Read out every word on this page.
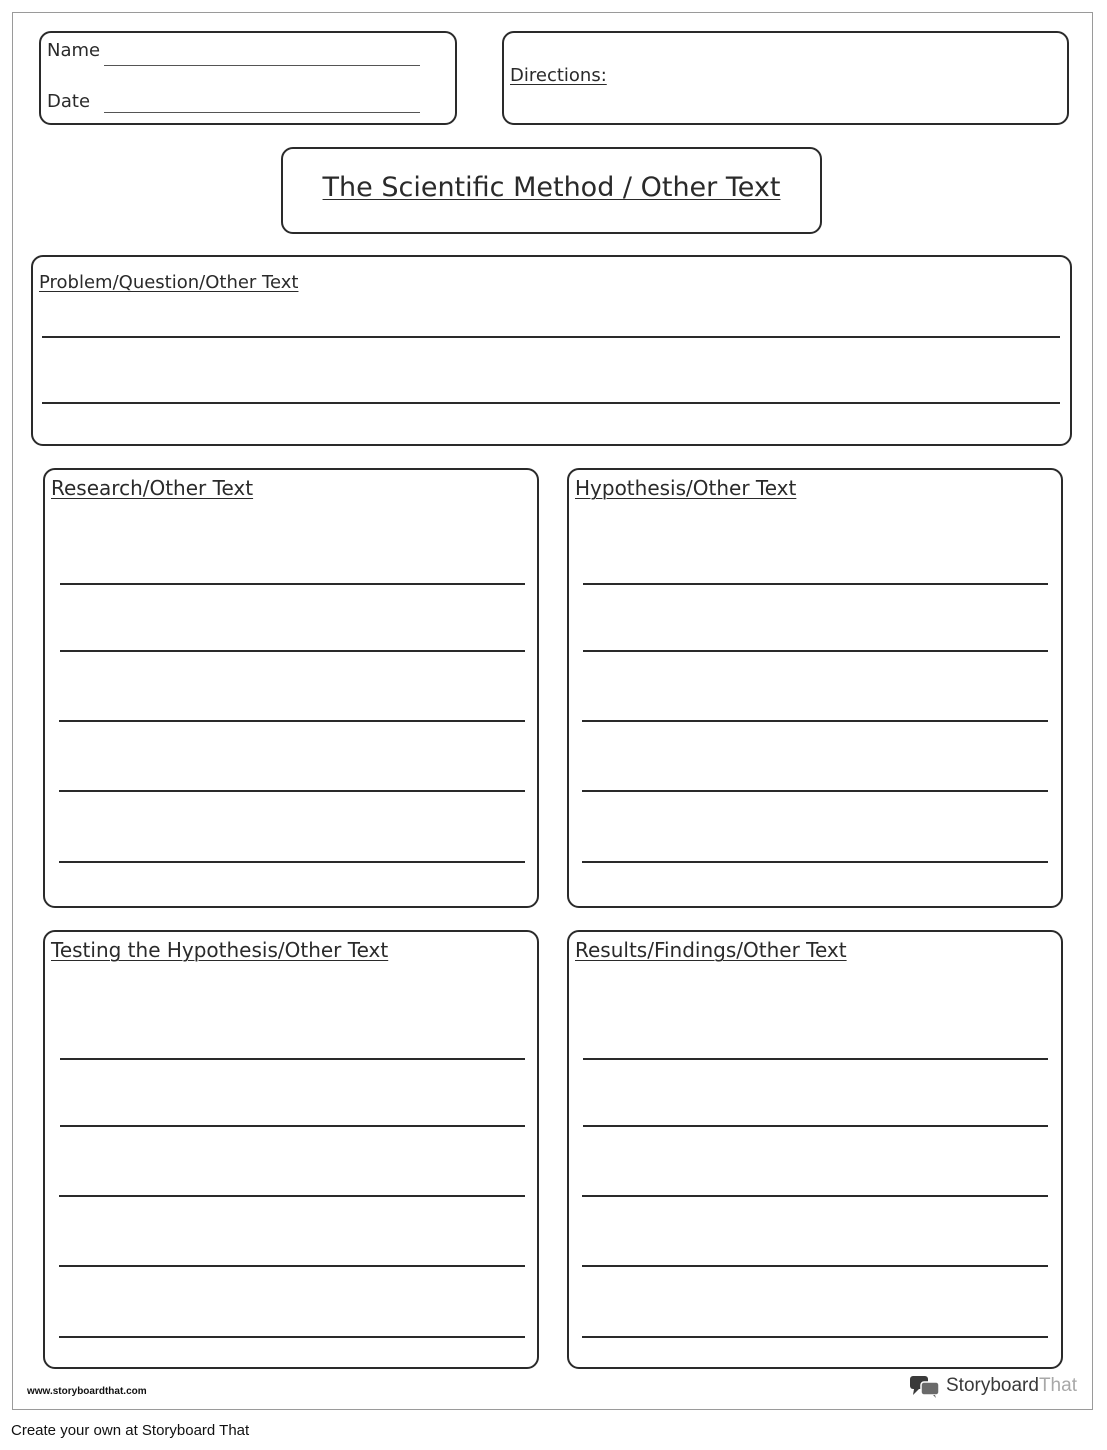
Name
Date
Directions:
The Scientific Method / Other Text
Problem/Question/Other Text
Research/Other Text	Hypothesis/Other Text
Testing the Hypothesis/Other Text	Results/Findings/Other Text
www.storyboardthat.com	StoryboardThat
Create your own at Storyboard That
